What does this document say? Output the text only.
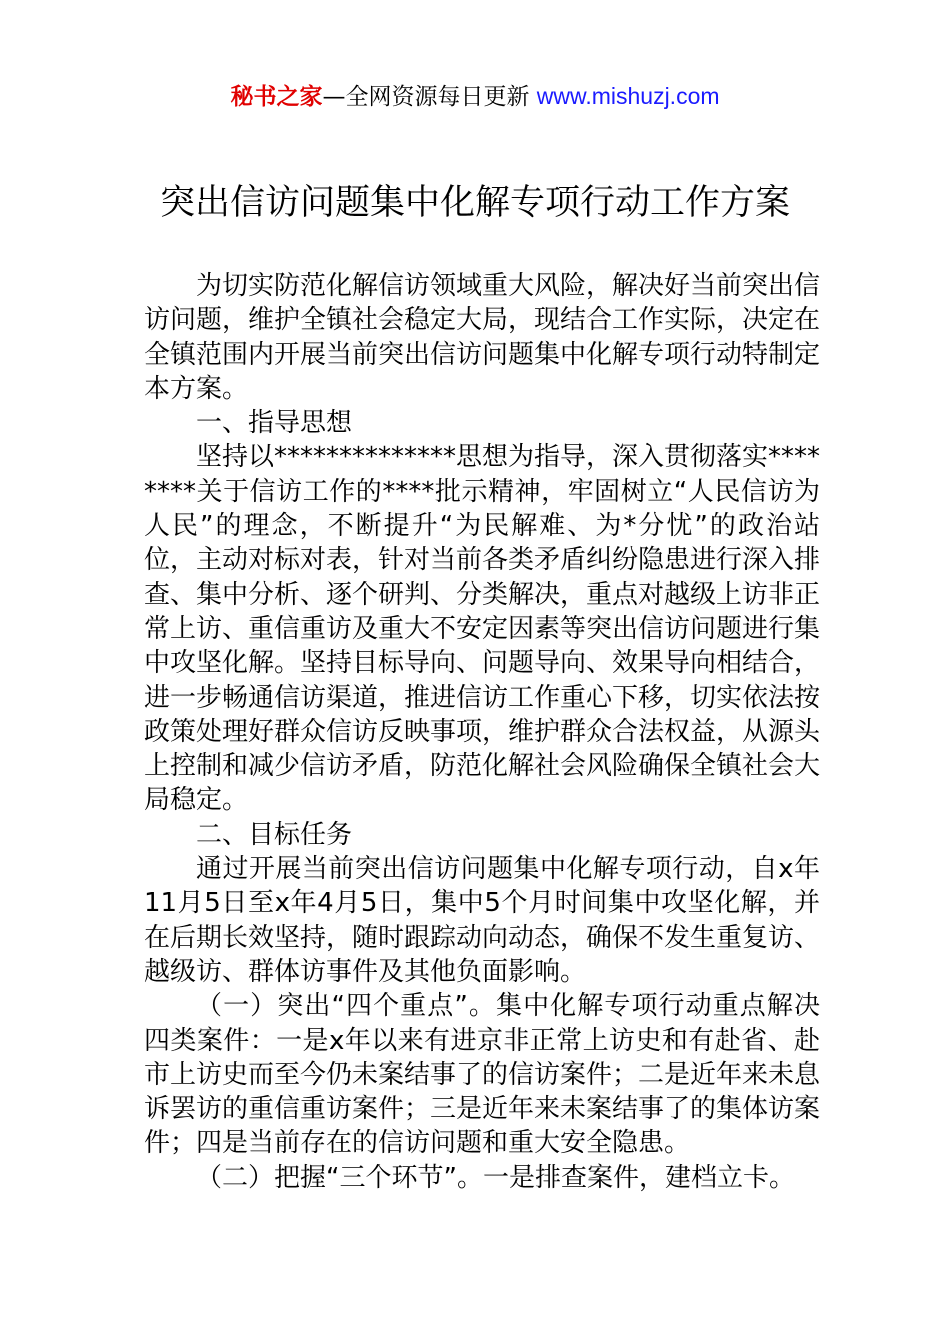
秘书之家—全网资源每日更新 www.mishuzj.com
突出信访问题集中化解专项行动工作方案

为切实防范化解信访领域重大风险，解决好当前突出信访问题，维护全镇社会稳定大局，现结合工作实际，决定在全镇范围内开展当前突出信访问题集中化解专项行动特制定本方案。

一、指导思想

坚持以**************思想为指导，深入贯彻落实********关于信访工作的****批示精神，牢固树立“人民信访为人民”的理念，不断提升“为民解难、为*分忧”的政治站位，主动对标对表，针对当前各类矛盾纠纷隐患进行深入排查、集中分析、逐个研判、分类解决，重点对越级上访非正常上访、重信重访及重大不安定因素等突出信访问题进行集中攻坚化解。坚持目标导向、问题导向、效果导向相结合，进一步畅通信访渠道，推进信访工作重心下移，切实依法按政策处理好群众信访反映事项，维护群众合法权益，从源头上控制和减少信访矛盾，防范化解社会风险确保全镇社会大局稳定。

二、目标任务

通过开展当前突出信访问题集中化解专项行动，自x年11月5日至x年4月5日，集中5个月时间集中攻坚化解，并在后期长效坚持，随时跟踪动向动态，确保不发生重复访、越级访、群体访事件及其他负面影响。

（一）突出“四个重点”。集中化解专项行动重点解决四类案件：一是x年以来有进京非正常上访史和有赴省、赴市上访史而至今仍未案结事了的信访案件；二是近年来未息诉罢访的重信重访案件；三是近年来未案结事了的集体访案件；四是当前存在的信访问题和重大安全隐患。

（二）把握“三个环节”。一是排查案件，建档立卡。
